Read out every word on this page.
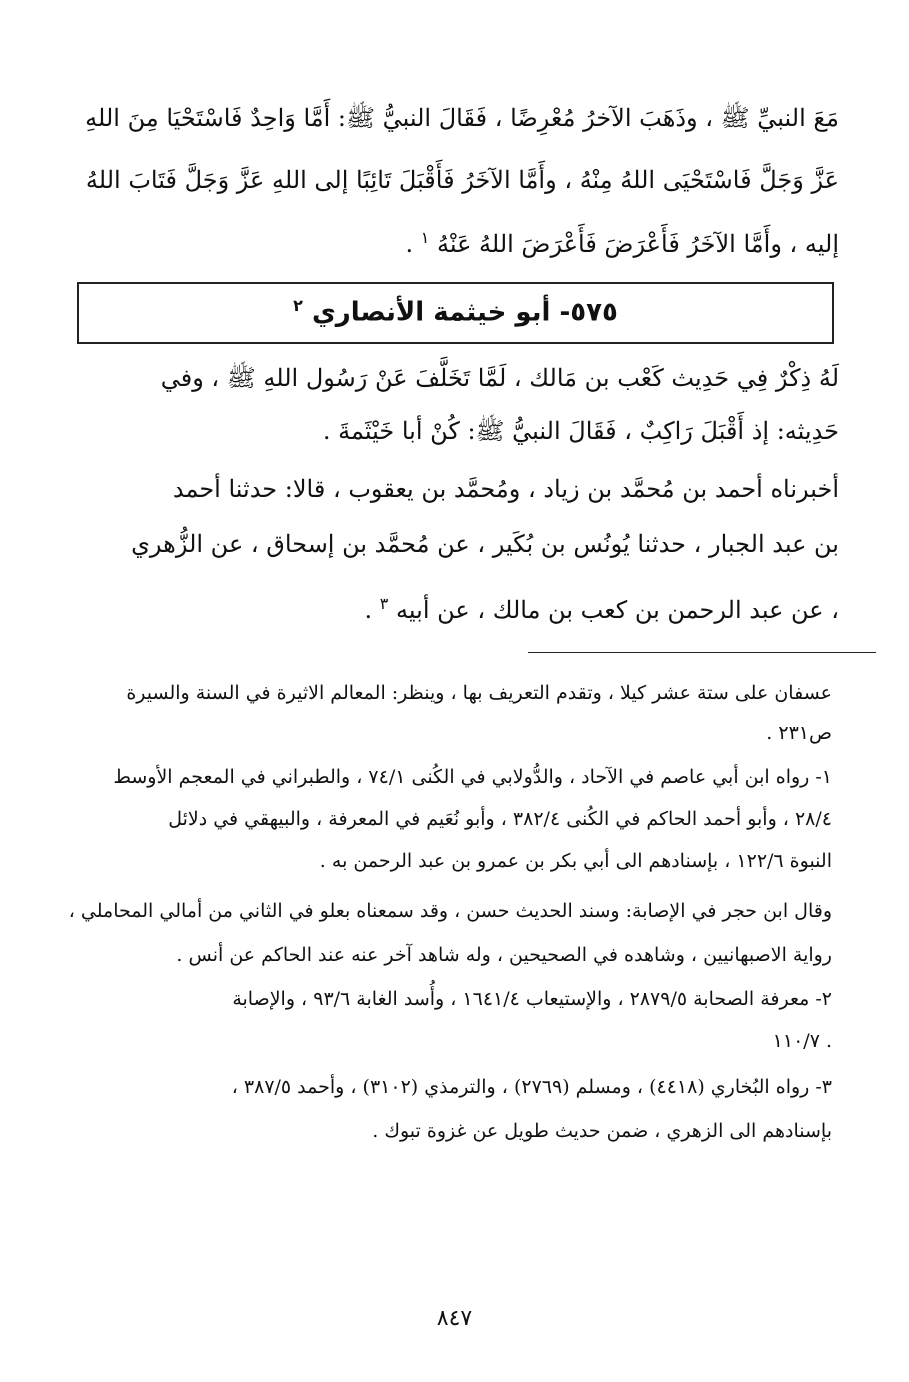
مَعَ النبيِّ ﷺ ، وذَهَبَ الآخرُ مُعْرِضًا ، فَقَالَ النبيُّ ﷺ: أَمَّا وَاحِدٌ فَاسْتَحْيَا مِنَ اللهِ
عَزَّ وَجَلَّ فَاسْتَحْيَى اللهُ مِنْهُ ، وأَمَّا الآخَرُ فَأَقْبَلَ تَائِبًا إلى اللهِ عَزَّ وَجَلَّ فَتَابَ اللهُ
إليه ، وأَمَّا الآخَرُ فَأَعْرَضَ فَأَعْرَضَ اللهُ عَنْهُ $^١$ .
٥٧٥- أبو خيثمة الأنصاري $^٢$
لَهُ ذِكْرٌ فِي حَدِيث كَعْب بن مَالك ، لَمَّا تَخَلَّفَ عَنْ رَسُول اللهِ ﷺ ، وفي
حَدِيثه: إذ أَقْبَلَ رَاكِبٌ ، فَقَالَ النبيُّ ﷺ: كُنْ أبا خَيْثَمةَ .
أخبرناه أحمد بن مُحمَّد بن زياد ، ومُحمَّد بن يعقوب ، قالا: حدثنا أحمد
بن عبد الجبار ، حدثنا يُونُس بن بُكَير ، عن مُحمَّد بن إسحاق ، عن الزُّهري
، عن عبد الرحمن بن كعب بن مالك ، عن أبيه $^٣$ .
عسفان على ستة عشر كيلا ، وتقدم التعريف بها ، وينظر: المعالم الاثيرة في السنة والسيرة
ص٢٣١ .
١- رواه ابن أبي عاصم في الآحاد ، والدُّولابي في الكُنى ٧٤/١ ، والطبراني في المعجم الأوسط
٢٨/٤ ، وأبو أحمد الحاكم في الكُنى ٣٨٢/٤ ، وأبو نُعَيم في المعرفة ، والبيهقي في دلائل
النبوة ١٢٢/٦ ، بإسنادهم الى أبي بكر بن عمرو بن عبد الرحمن به .
وقال ابن حجر في الإصابة: وسند الحديث حسن ، وقد سمعناه بعلو في الثاني من أمالي المحاملي ،
رواية الاصبهانيين ، وشاهده في الصحيحين ، وله شاهد آخر عنه عند الحاكم عن أنس .
٢- معرفة الصحابة ٢٨٧٩/٥ ، والإستيعاب ١٦٤١/٤ ، وأُسد الغابة ٩٣/٦ ، والإصابة
١١٠/٧ .
٣- رواه البُخاري (٤٤١٨) ، ومسلم (٢٧٦٩) ، والترمذي (٣١٠٢) ، وأحمد ٣٨٧/٥ ،
بإسنادهم الى الزهري ، ضمن حديث طويل عن غزوة تبوك .
٨٤٧
